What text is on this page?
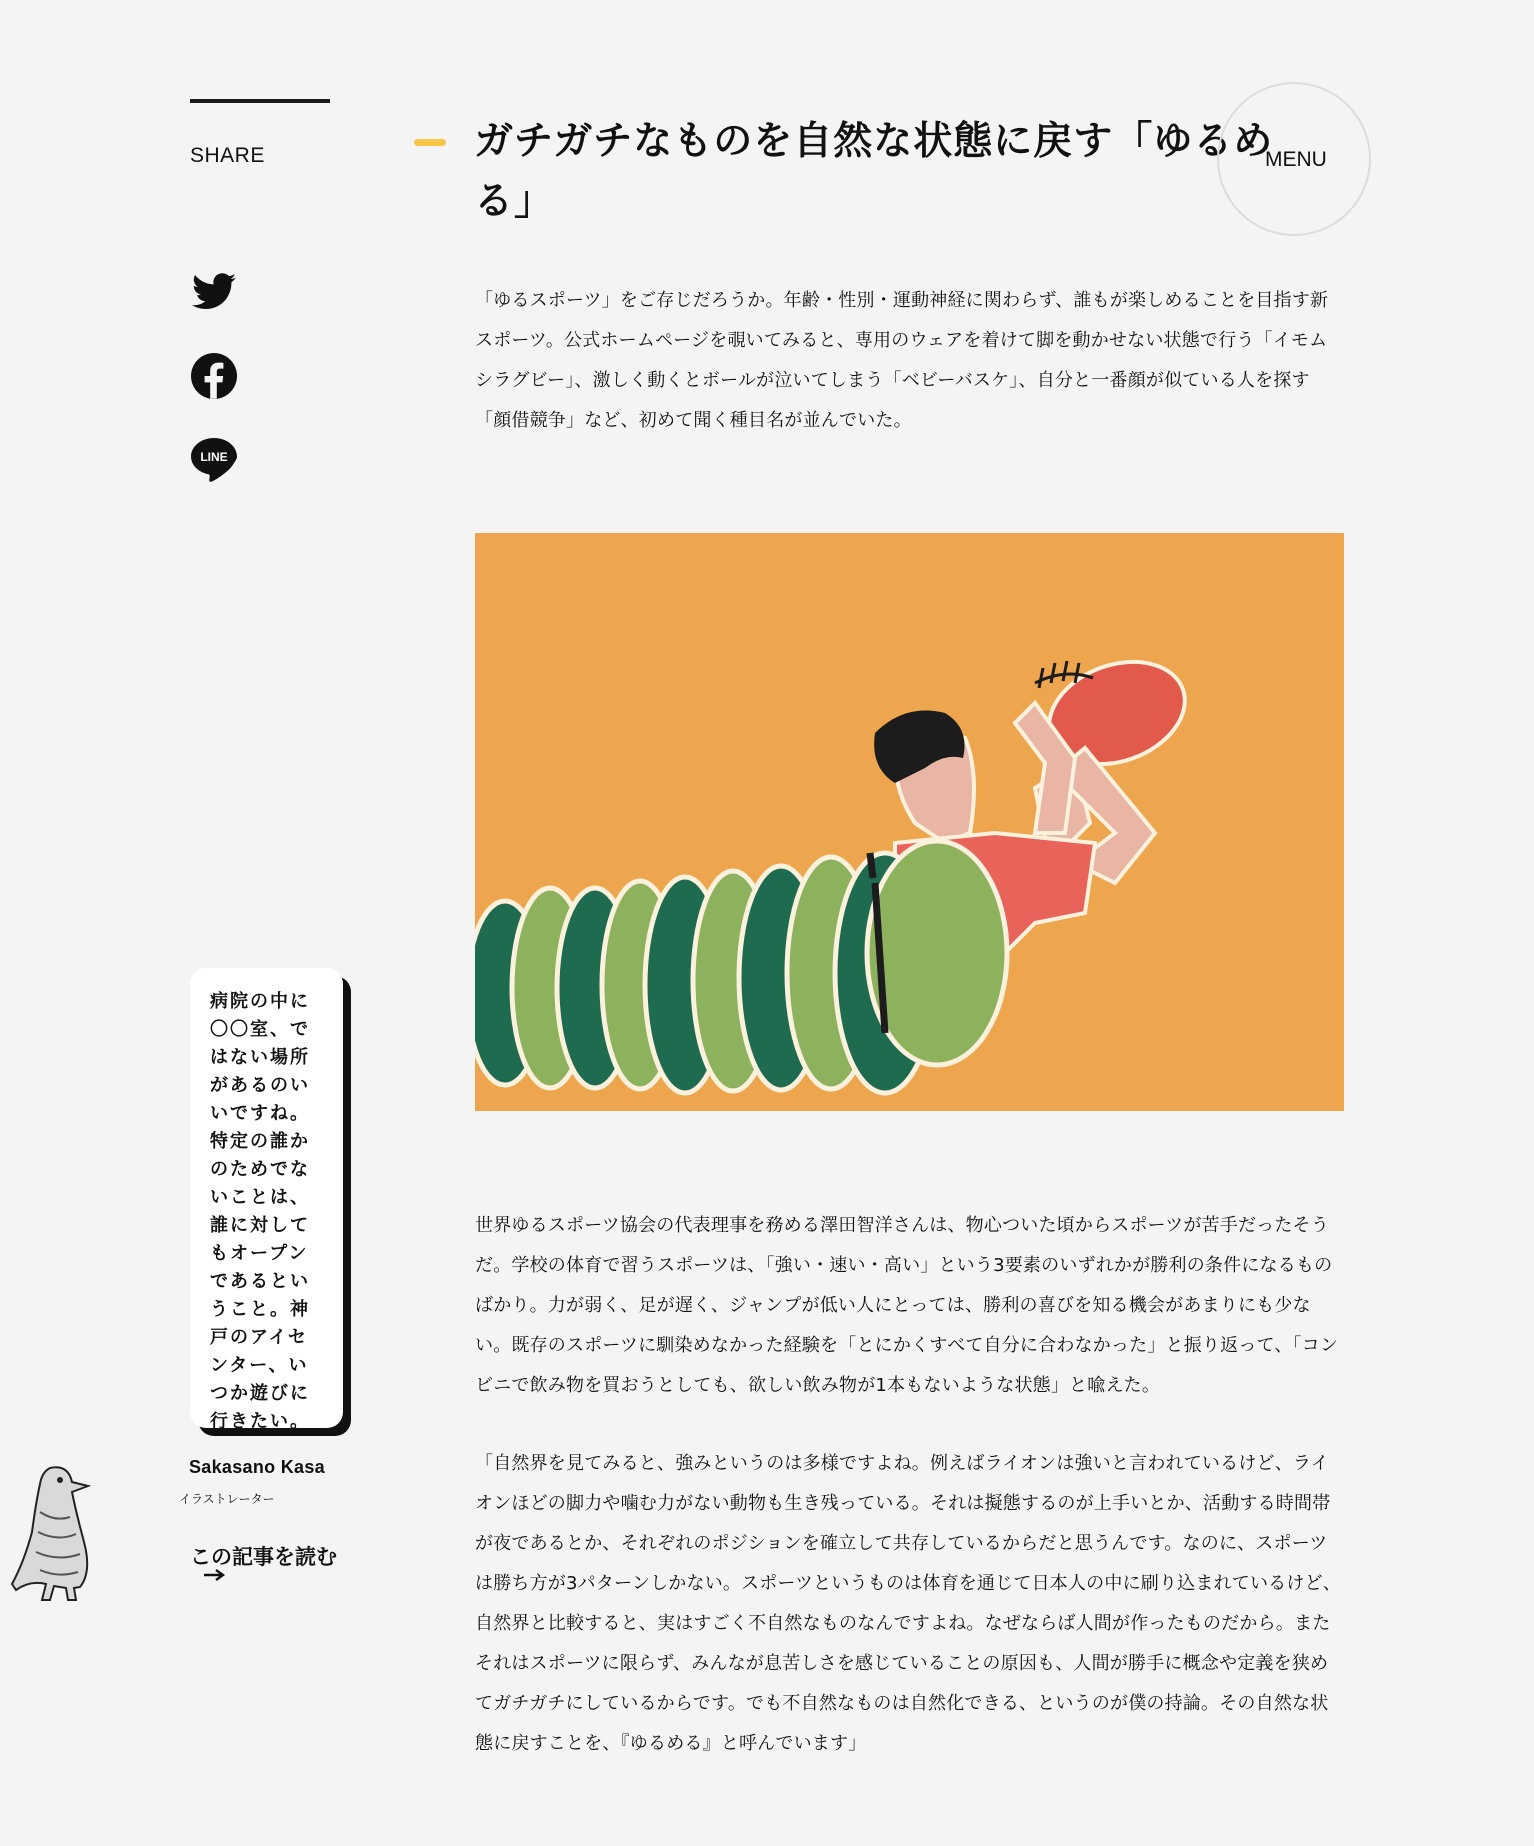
SHARE
LINE
ガチガチなものを自然な状態に戻す「ゆるめる」
MENU

「ゆるスポーツ」をご存じだろうか。年齢・性別・運動神経に関わらず、誰もが楽しめることを目指す新スポーツ。公式ホームページを覗いてみると、専用のウェアを着けて脚を動かせない状態で行う「イモムシラグビー」、激しく動くとボールが泣いてしまう「ベビーバスケ」、自分と一番顔が似ている人を探す「顔借競争」など、初めて聞く種目名が並んでいた。

世界ゆるスポーツ協会の代表理事を務める澤田智洋さんは、物心ついた頃からスポーツが苦手だったそうだ。学校の体育で習うスポーツは、「強い・速い・高い」という3要素のいずれかが勝利の条件になるものばかり。力が弱く、足が遅く、ジャンプが低い人にとっては、勝利の喜びを知る機会があまりにも少ない。既存のスポーツに馴染めなかった経験を「とにかくすべて自分に合わなかった」と振り返って、「コンビニで飲み物を買おうとしても、欲しい飲み物が1本もないような状態」と喩えた。

「自然界を見てみると、強みというのは多様ですよね。例えばライオンは強いと言われているけど、ライオンほどの脚力や噛む力がない動物も生き残っている。それは擬態するのが上手いとか、活動する時間帯が夜であるとか、それぞれのポジションを確立して共存しているからだと思うんです。なのに、スポーツは勝ち方が3パターンしかない。スポーツというものは体育を通じて日本人の中に刷り込まれているけど、自然界と比較すると、実はすごく不自然なものなんですよね。なぜならば人間が作ったものだから。またそれはスポーツに限らず、みんなが息苦しさを感じていることの原因も、人間が勝手に概念や定義を狭めてガチガチにしているからです。でも不自然なものは自然化できる、というのが僕の持論。その自然な状態に戻すことを、『ゆるめる』と呼んでいます」

病院の中に〇〇室、ではない場所があるのいいですね。特定の誰かのためでないことは、誰に対してもオープンであるということ。神戸のアイセンター、いつか遊びに行きたい。

Sakasano Kasa
イラストレーター
この記事を読む
